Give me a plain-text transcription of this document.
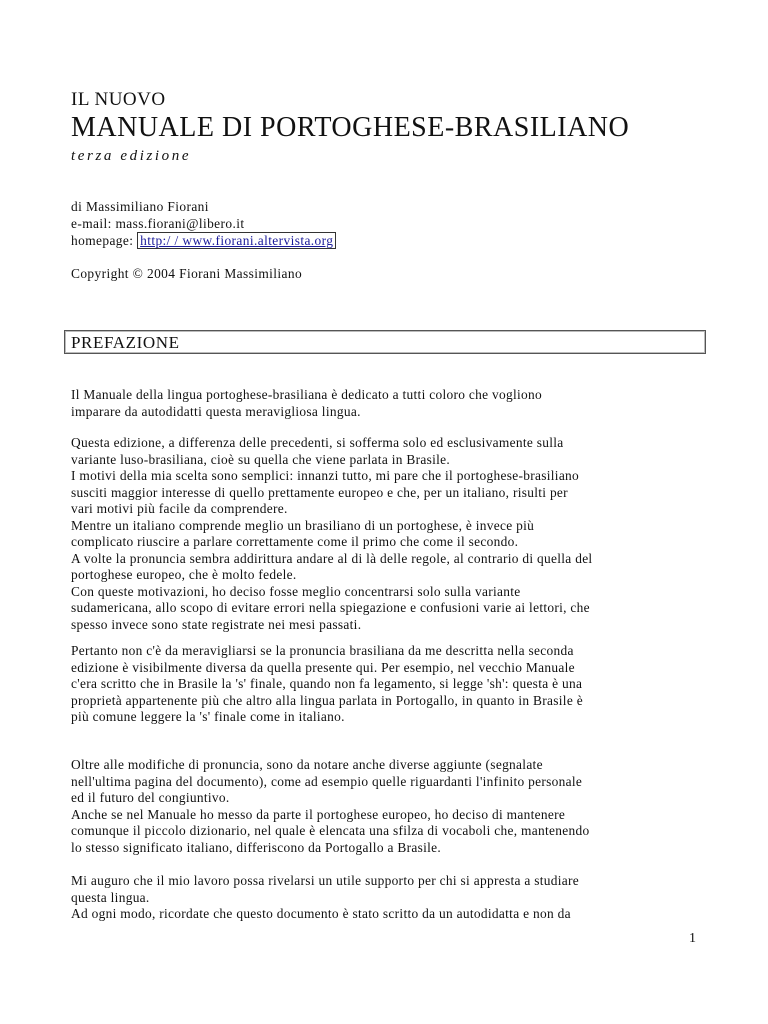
IL NUOVO
MANUALE DI PORTOGHESE-BRASILIANO
terza edizione
di Massimiliano Fiorani
e-mail: mass.fiorani@libero.it
homepage: http:/ / www.fiorani.altervista.org
Copyright © 2004 Fiorani Massimiliano
PREFAZIONE
Il Manuale della lingua portoghese-brasiliana è dedicato a tutti coloro che vogliono
imparare da autodidatti questa meravigliosa lingua.
Questa edizione, a differenza delle precedenti, si sofferma solo ed esclusivamente sulla
variante luso-brasiliana, cioè su quella che viene parlata in Brasile.
I motivi della mia scelta sono semplici: innanzi tutto, mi pare che il portoghese-brasiliano
susciti maggior interesse di quello prettamente europeo e che, per un italiano, risulti per
vari motivi più facile da comprendere.
Mentre un italiano comprende meglio un brasiliano di un portoghese, è invece più
complicato riuscire a parlare correttamente come il primo che come il secondo.
A volte la pronuncia sembra addirittura andare al di là delle regole, al contrario di quella del
portoghese europeo, che è molto fedele.
Con queste motivazioni, ho deciso fosse meglio concentrarsi solo sulla variante
sudamericana, allo scopo di evitare errori nella spiegazione e confusioni varie ai lettori, che
spesso invece sono state registrate nei mesi passati.
Pertanto non c'è da meravigliarsi se la pronuncia brasiliana da me descritta nella seconda
edizione è visibilmente diversa da quella presente qui. Per esempio, nel vecchio Manuale
c'era scritto che in Brasile la 's' finale, quando non fa legamento, si legge 'sh': questa è una
proprietà appartenente più che altro alla lingua parlata in Portogallo, in quanto in Brasile è
più comune leggere la 's' finale come in italiano.
Oltre alle modifiche di pronuncia, sono da notare anche diverse aggiunte (segnalate
nell'ultima pagina del documento), come ad esempio quelle riguardanti l'infinito personale
ed il futuro del congiuntivo.
Anche se nel Manuale ho messo da parte il portoghese europeo, ho deciso di mantenere
comunque il piccolo dizionario, nel quale è elencata una sfilza di vocaboli che, mantenendo
lo stesso significato italiano, differiscono da Portogallo a Brasile.
Mi auguro che il mio lavoro possa rivelarsi un utile supporto per chi si appresta a studiare
questa lingua.
Ad ogni modo, ricordate che questo documento è stato scritto da un autodidatta e non da
1
